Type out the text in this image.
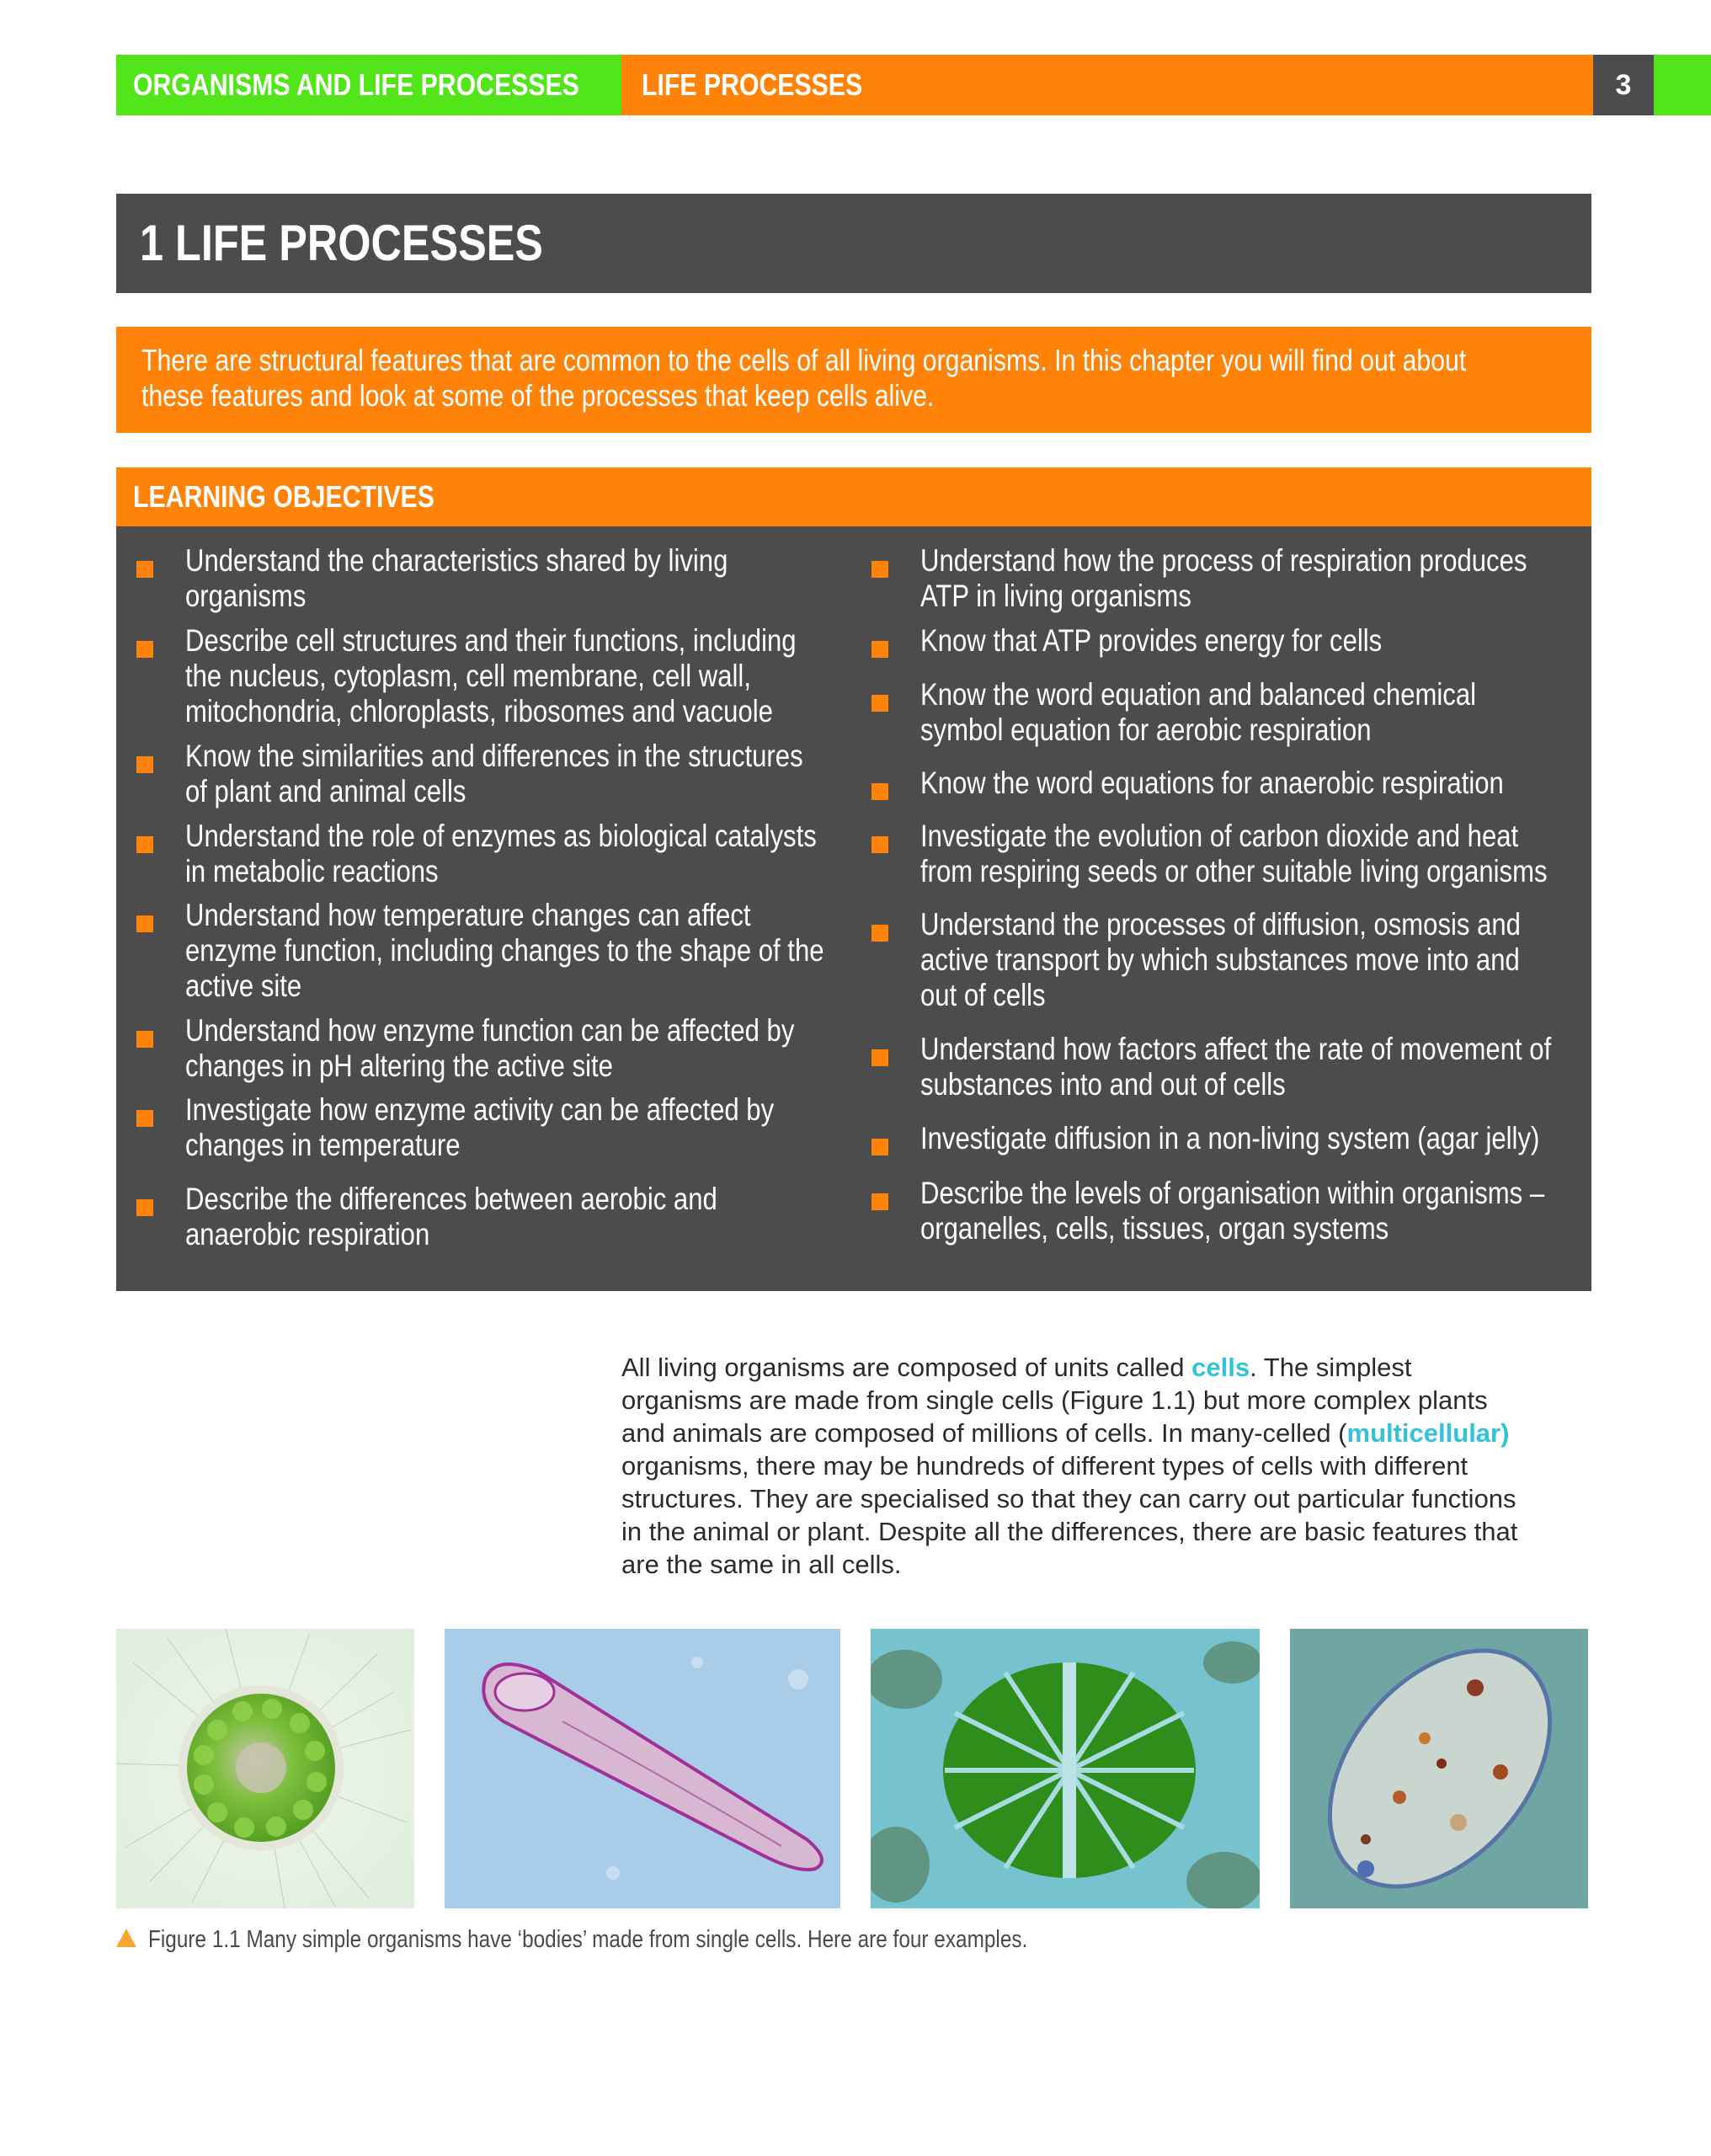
ORGANISMS AND LIFE PROCESSES LIFE PROCESSES	3
1 LIFE PROCESSES
There are structural features that are common to the cells of all living organisms. In this chapter you will find out about
these features and look at some of the processes that keep cells alive.
LEARNING OBJECTIVES
Understand the characteristics shared by living
organisms
Describe cell structures and their functions, including
the nucleus, cytoplasm, cell membrane, cell wall,
mitochondria, chloroplasts, ribosomes and vacuole
Know the similarities and differences in the structures
of plant and animal cells
Understand the role of enzymes as biological catalysts
in metabolic reactions
Understand how temperature changes can affect
enzyme function, including changes to the shape of the
active site
Understand how enzyme function can be affected by
changes in pH altering the active site
Investigate how enzyme activity can be affected by
changes in temperature
Describe the differences between aerobic and
anaerobic respiration
Understand how the process of respiration produces
ATP in living organisms
Know that ATP provides energy for cells
Know the word equation and balanced chemical
symbol equation for aerobic respiration
Know the word equations for anaerobic respiration
Investigate the evolution of carbon dioxide and heat
from respiring seeds or other suitable living organisms
Understand the processes of diffusion, osmosis and
active transport by which substances move into and
out of cells
Understand how factors affect the rate of movement of
substances into and out of cells
Investigate diffusion in a non-living system (agar jelly)
Describe the levels of organisation within organisms –
organelles, cells, tissues, organ systems
All living organisms are composed of units called cells. The simplest
organisms are made from single cells (Figure 1.1) but more complex plants
and animals are composed of millions of cells. In many-celled (multicellular)
organisms, there may be hundreds of different types of cells with different
structures. They are specialised so that they can carry out particular functions
in the animal or plant. Despite all the differences, there are basic features that
are the same in all cells.
Figure 1.1 Many simple organisms have ‘bodies’ made from single cells. Here are four examples.
